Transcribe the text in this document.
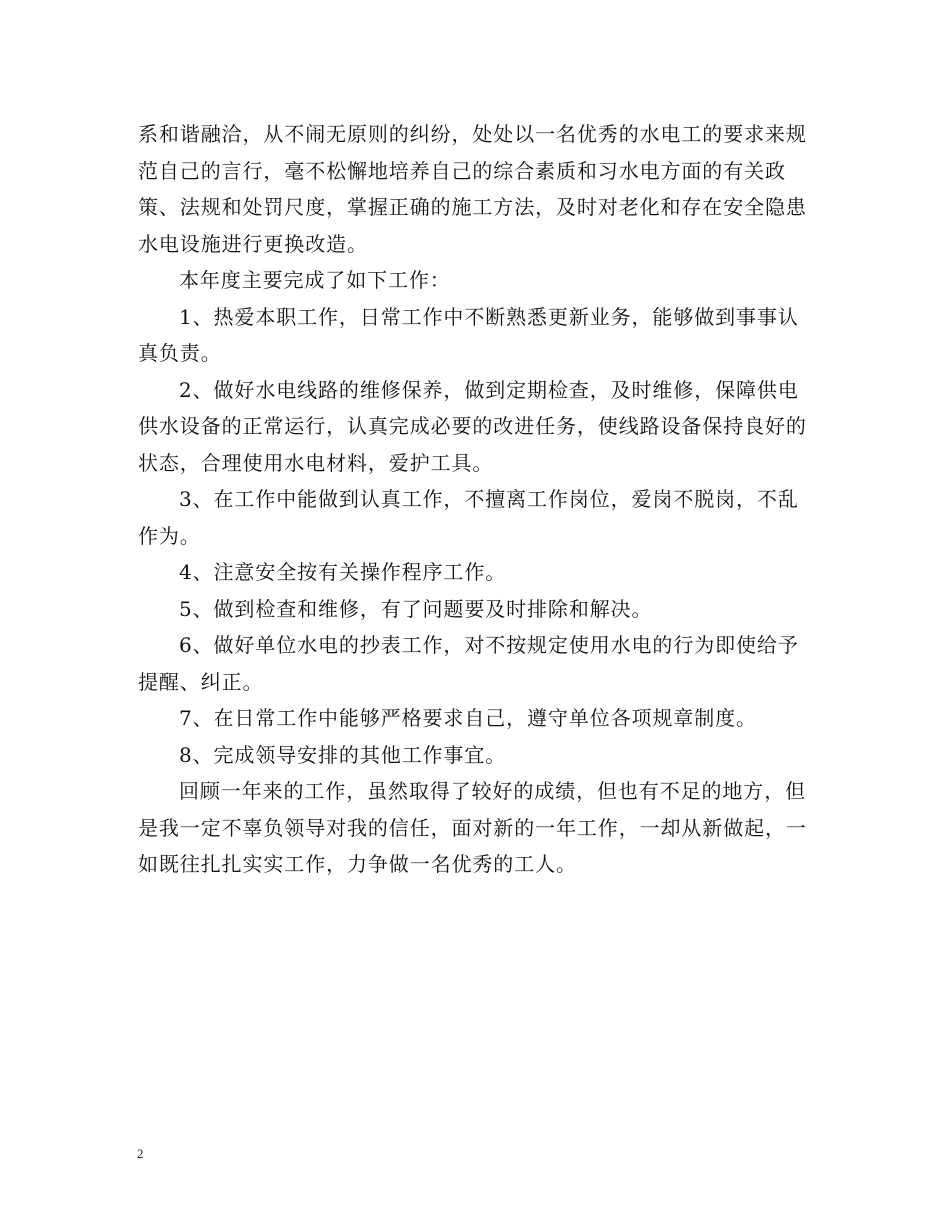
系和谐融洽，从不闹无原则的纠纷，处处以一名优秀的水电工的要求来规范自己的言行，毫不松懈地培养自己的综合素质和习水电方面的有关政策、法规和处罚尺度，掌握正确的施工方法，及时对老化和存在安全隐患水电设施进行更换改造。

本年度主要完成了如下工作：

1、热爱本职工作，日常工作中不断熟悉更新业务，能够做到事事认真负责。

2、做好水电线路的维修保养，做到定期检查，及时维修，保障供电供水设备的正常运行，认真完成必要的改进任务，使线路设备保持良好的状态，合理使用水电材料，爱护工具。

3、在工作中能做到认真工作，不擅离工作岗位，爱岗不脱岗，不乱作为。

4、注意安全按有关操作程序工作。

5、做到检查和维修，有了问题要及时排除和解决。

6、做好单位水电的抄表工作，对不按规定使用水电的行为即使给予提醒、纠正。

7、在日常工作中能够严格要求自己，遵守单位各项规章制度。

8、完成领导安排的其他工作事宜。

回顾一年来的工作，虽然取得了较好的成绩，但也有不足的地方，但是我一定不辜负领导对我的信任，面对新的一年工作，一却从新做起，一如既往扎扎实实工作，力争做一名优秀的工人。

2
